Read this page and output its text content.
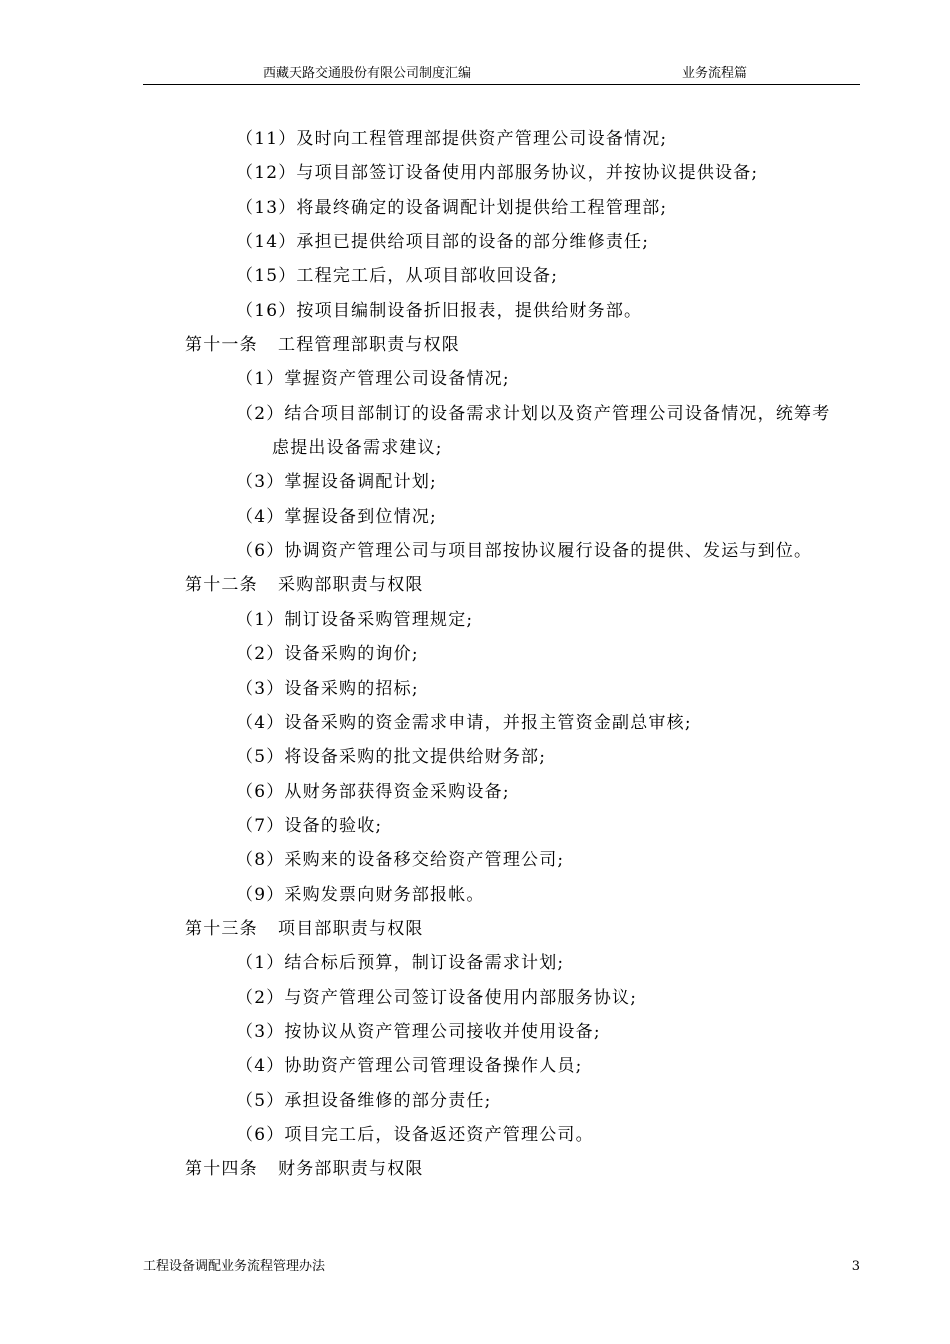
西藏天路交通股份有限公司制度汇编	业务流程篇
（11）及时向工程管理部提供资产管理公司设备情况;
（12）与项目部签订设备使用内部服务协议，并按协议提供设备;
（13）将最终确定的设备调配计划提供给工程管理部;
（14）承担已提供给项目部的设备的部分维修责任;
（15）工程完工后，从项目部收回设备;
（16）按项目编制设备折旧报表，提供给财务部。
第十一条 工程管理部职责与权限
（1）掌握资产管理公司设备情况;
（2）结合项目部制订的设备需求计划以及资产管理公司设备情况，统筹考
虑提出设备需求建议;
（3）掌握设备调配计划;
（4）掌握设备到位情况;
（6）协调资产管理公司与项目部按协议履行设备的提供、发运与到位。
第十二条 采购部职责与权限
（1）制订设备采购管理规定;
（2）设备采购的询价;
（3）设备采购的招标;
（4）设备采购的资金需求申请，并报主管资金副总审核;
（5）将设备采购的批文提供给财务部;
（6）从财务部获得资金采购设备;
（7）设备的验收;
（8）采购来的设备移交给资产管理公司;
（9）采购发票向财务部报帐。
第十三条 项目部职责与权限
（1）结合标后预算，制订设备需求计划;
（2）与资产管理公司签订设备使用内部服务协议;
（3）按协议从资产管理公司接收并使用设备;
（4）协助资产管理公司管理设备操作人员;
（5）承担设备维修的部分责任;
（6）项目完工后，设备返还资产管理公司。
第十四条 财务部职责与权限
工程设备调配业务流程管理办法	3
